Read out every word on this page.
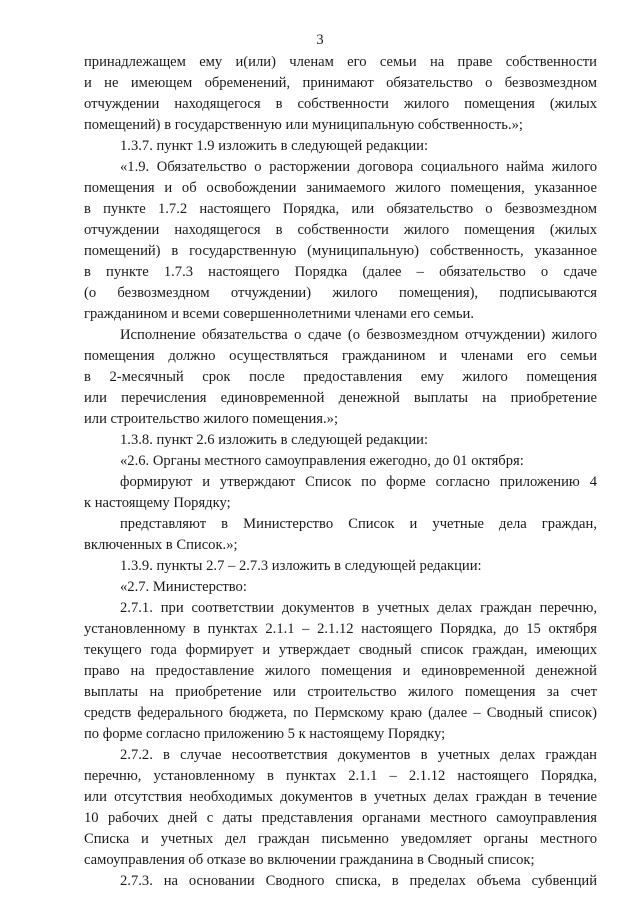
3
принадлежащем ему и(или) членам его семьи на праве собственности
и не имеющем обременений, принимают обязательство о безвозмездном
отчуждении находящегося в собственности жилого помещения (жилых
помещений) в государственную или муниципальную собственность.»;
1.3.7. пункт 1.9 изложить в следующей редакции:
«1.9. Обязательство о расторжении договора социального найма жилого
помещения и об освобождении занимаемого жилого помещения, указанное
в пункте 1.7.2 настоящего Порядка, или обязательство о безвозмездном
отчуждении находящегося в собственности жилого помещения (жилых
помещений) в государственную (муниципальную) собственность, указанное
в пункте 1.7.3 настоящего Порядка (далее – обязательство о сдаче
(о безвозмездном отчуждении) жилого помещения), подписываются
гражданином и всеми совершеннолетними членами его семьи.
Исполнение обязательства о сдаче (о безвозмездном отчуждении) жилого
помещения должно осуществляться гражданином и членами его семьи
в 2-месячный срок после предоставления ему жилого помещения
или перечисления единовременной денежной выплаты на приобретение
или строительство жилого помещения.»;
1.3.8. пункт 2.6 изложить в следующей редакции:
«2.6. Органы местного самоуправления ежегодно, до 01 октября:
формируют и утверждают Список по форме согласно приложению 4
к настоящему Порядку;
представляют в Министерство Список и учетные дела граждан,
включенных в Список.»;
1.3.9. пункты 2.7 – 2.7.3 изложить в следующей редакции:
«2.7. Министерство:
2.7.1. при соответствии документов в учетных делах граждан перечню,
установленному в пунктах 2.1.1 – 2.1.12 настоящего Порядка, до 15 октября
текущего года формирует и утверждает сводный список граждан, имеющих
право на предоставление жилого помещения и единовременной денежной
выплаты на приобретение или строительство жилого помещения за счет
средств федерального бюджета, по Пермскому краю (далее – Сводный список)
по форме согласно приложению 5 к настоящему Порядку;
2.7.2. в случае несоответствия документов в учетных делах граждан
перечню, установленному в пунктах 2.1.1 – 2.1.12 настоящего Порядка,
или отсутствия необходимых документов в учетных делах граждан в течение
10 рабочих дней с даты представления органами местного самоуправления
Списка и учетных дел граждан письменно уведомляет органы местного
самоуправления об отказе во включении гражданина в Сводный список;
2.7.3. на основании Сводного списка, в пределах объема субвенций
